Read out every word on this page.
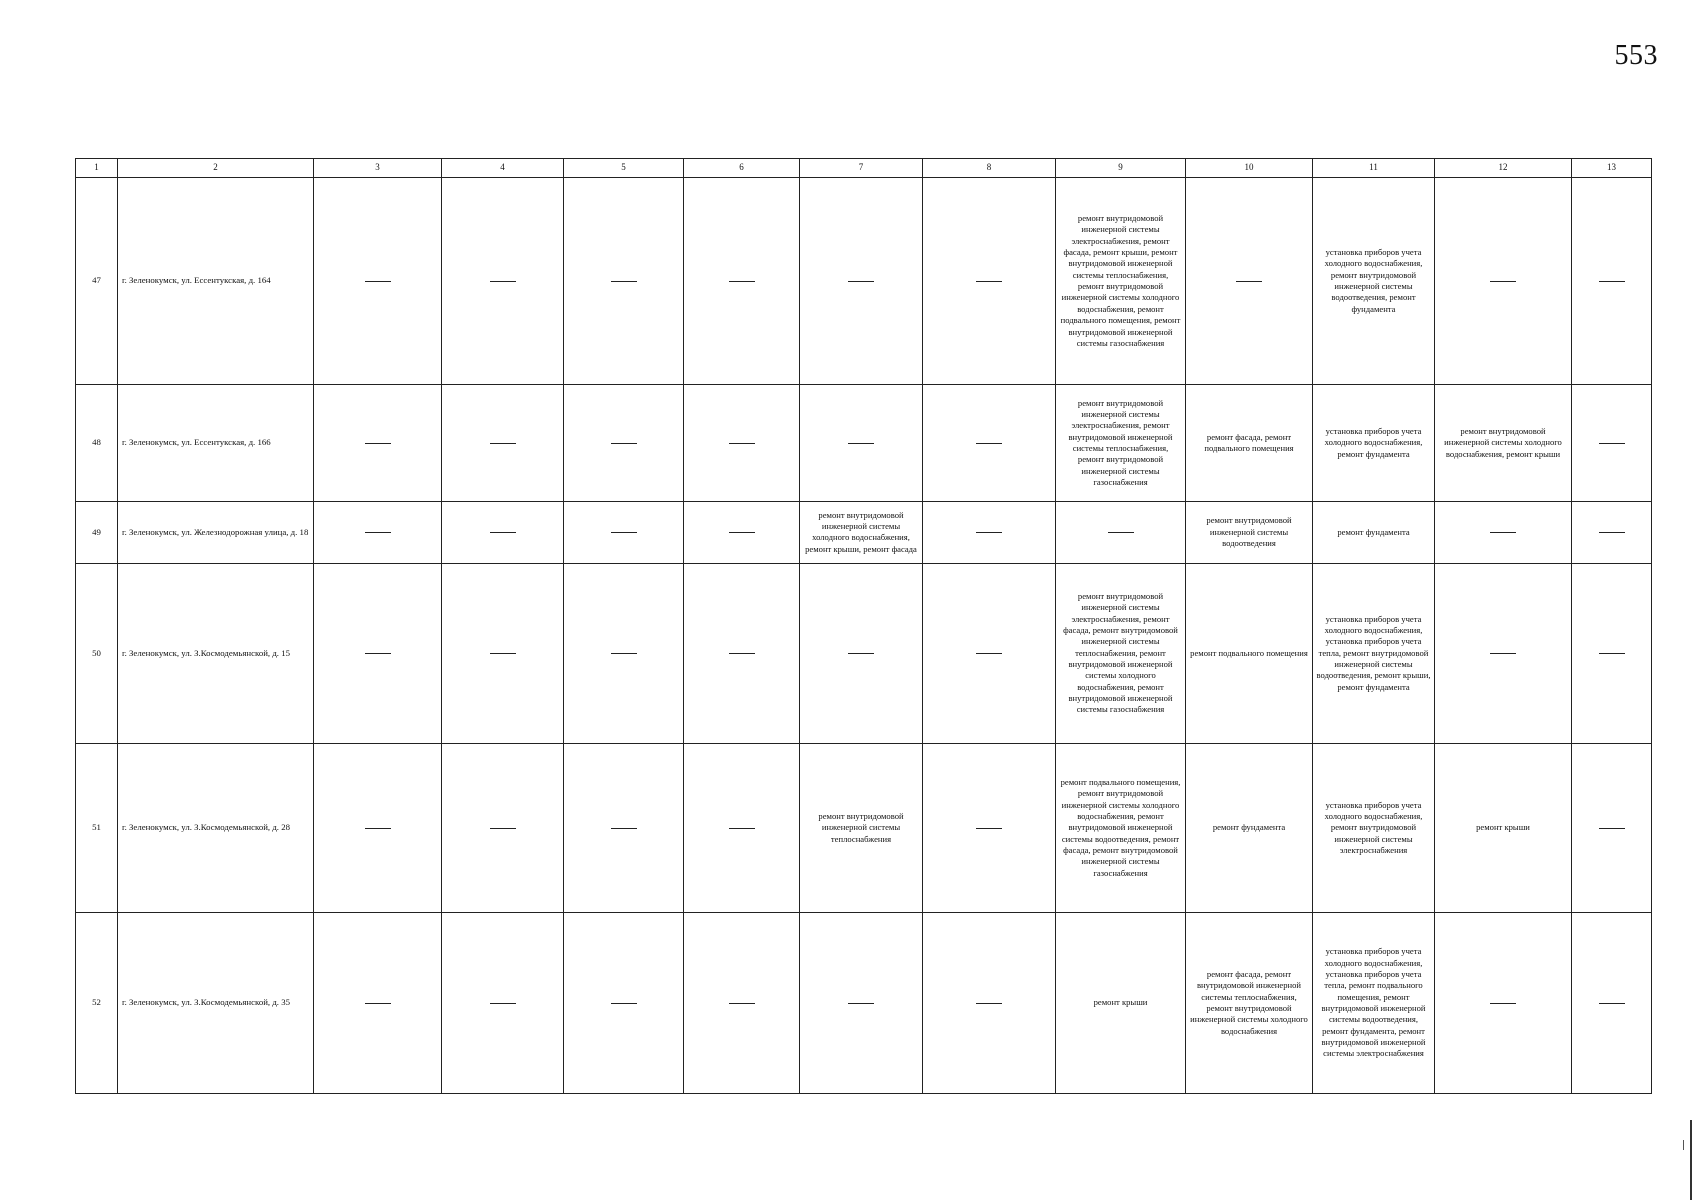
553
1	2	3	4	5	6	7	8	9	10	11	12	13
47	г. Зеленокумск, ул. Ессентукская, д. 164							ремонт внутридомовой инженерной системы электроснабжения, ремонт фасада, ремонт крыши, ремонт внутридомовой инженерной системы теплоснабжения, ремонт внутридомовой инженерной системы холодного водоснабжения, ремонт подвального помещения, ремонт внутридомовой инженерной системы газоснабжения		установка приборов учета холодного водоснабжения, ремонт внутридомовой инженерной системы водоотведения, ремонт фундамента		
48	г. Зеленокумск, ул. Ессентукская, д. 166							ремонт внутридомовой инженерной системы электроснабжения, ремонт внутридомовой инженерной системы теплоснабжения, ремонт внутридомовой инженерной системы газоснабжения	ремонт фасада, ремонт подвального помещения	установка приборов учета холодного водоснабжения, ремонт фундамента	ремонт внутридомовой инженерной системы холодного водоснабжения, ремонт крыши	
49	г. Зеленокумск, ул. Железнодорожная улица, д. 18					ремонт внутридомовой инженерной системы холодного водоснабжения, ремонт крыши, ремонт фасада			ремонт внутридомовой инженерной системы водоотведения	ремонт фундамента		
50	г. Зеленокумск, ул. З.Космодемьянской, д. 15							ремонт внутридомовой инженерной системы электроснабжения, ремонт фасада, ремонт внутридомовой инженерной системы теплоснабжения, ремонт внутридомовой инженерной системы холодного водоснабжения, ремонт внутридомовой инженерной системы газоснабжения	ремонт подвального помещения	установка приборов учета холодного водоснабжения, установка приборов учета тепла, ремонт внутридомовой инженерной системы водоотведения, ремонт крыши, ремонт фундамента		
51	г. Зеленокумск, ул. З.Космодемьянской, д. 28					ремонт внутридомовой инженерной системы теплоснабжения		ремонт подвального помещения, ремонт внутридомовой инженерной системы холодного водоснабжения, ремонт внутридомовой инженерной системы водоотведения, ремонт фасада, ремонт внутридомовой инженерной системы газоснабжения	ремонт фундамента	установка приборов учета холодного водоснабжения, ремонт внутридомовой инженерной системы электроснабжения	ремонт крыши	
52	г. Зеленокумск, ул. З.Космодемьянской, д. 35							ремонт крыши	ремонт фасада, ремонт внутридомовой инженерной системы теплоснабжения, ремонт внутридомовой инженерной системы холодного водоснабжения	установка приборов учета холодного водоснабжения, установка приборов учета тепла, ремонт подвального помещения, ремонт внутридомовой инженерной системы водоотведения, ремонт фундамента, ремонт внутридомовой инженерной системы электроснабжения		
